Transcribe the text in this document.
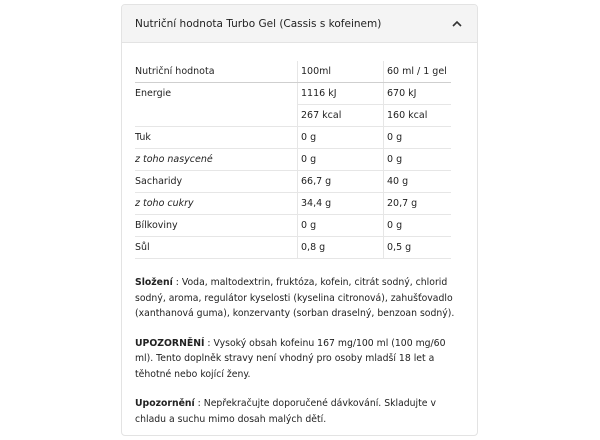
Nutriční hodnota Turbo Gel (Cassis s kofeinem)
Nutriční hodnota	100ml	60 ml / 1 gel
Energie	1116 kJ	670 kJ
	267 kcal	160 kcal
Tuk	0 g	0 g
z toho nasycené	0 g	0 g
Sacharidy	66,7 g	40 g
z toho cukry	34,4 g	20,7 g
Bílkoviny	0 g	0 g
Sůl	0,8 g	0,5 g
Složení : Voda, maltodextrin, fruktóza, kofein, citrát sodný, chlorid sodný, aroma, regulátor kyselosti (kyselina citronová), zahušťovadlo (xanthanová guma), konzervanty (sorban draselný, benzoan sodný).
UPOZORNĚNÍ : Vysoký obsah kofeinu 167 mg/100 ml (100 mg/60 ml). Tento doplněk stravy není vhodný pro osoby mladší 18 let a těhotné nebo kojící ženy.
Upozornění : Nepřekračujte doporučené dávkování. Skladujte v chladu a suchu mimo dosah malých dětí.
